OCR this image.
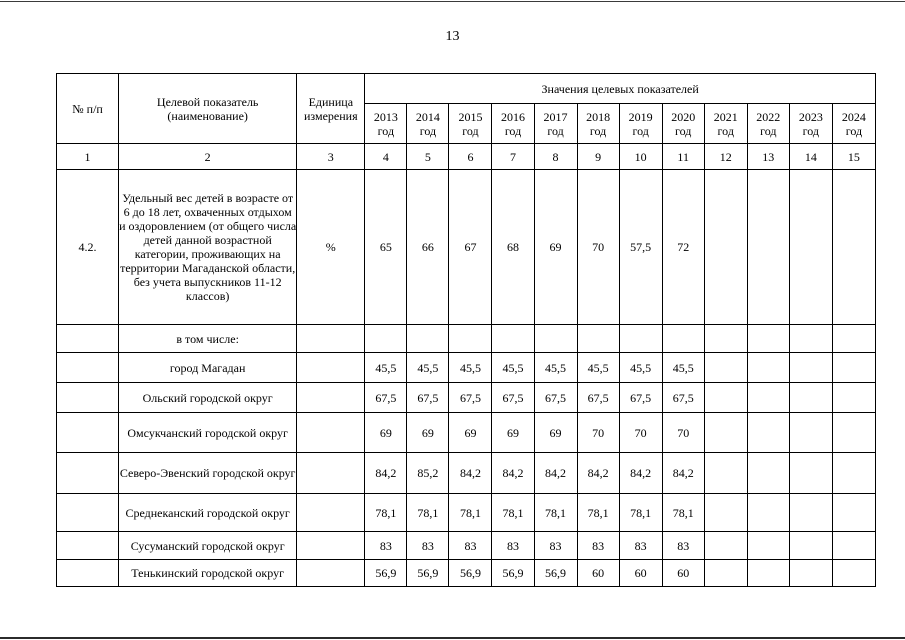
13
№ п/п	Целевой показатель (наименование)	Единица измерения	Значения целевых показателей											
			2013 год	2014 год	2015 год	2016 год	2017 год	2018 год	2019 год	2020 год	2021 год	2022 год	2023 год	2024 год
1	2	3	4	5	6	7	8	9	10	11	12	13	14	15
4.2.	Удельный вес детей в возрасте от 6 до 18 лет, охваченных отдыхом и оздоровлением (от общего числа детей данной возрастной категории, проживающих на территории Магаданской области, без учета выпускников 11-12 классов)	%	65	66	67	68	69	70	57,5	72				
	в том числе:													
	город Магадан		45,5	45,5	45,5	45,5	45,5	45,5	45,5	45,5				
	Ольский городской округ		67,5	67,5	67,5	67,5	67,5	67,5	67,5	67,5				
	Омсукчанский городской округ		69	69	69	69	69	70	70	70				
	Северо-Эвенский городской округ		84,2	85,2	84,2	84,2	84,2	84,2	84,2	84,2				
	Среднеканский городской округ		78,1	78,1	78,1	78,1	78,1	78,1	78,1	78,1				
	Сусуманский городской округ		83	83	83	83	83	83	83	83				
	Тенькинский городской округ		56,9	56,9	56,9	56,9	56,9	60	60	60				
